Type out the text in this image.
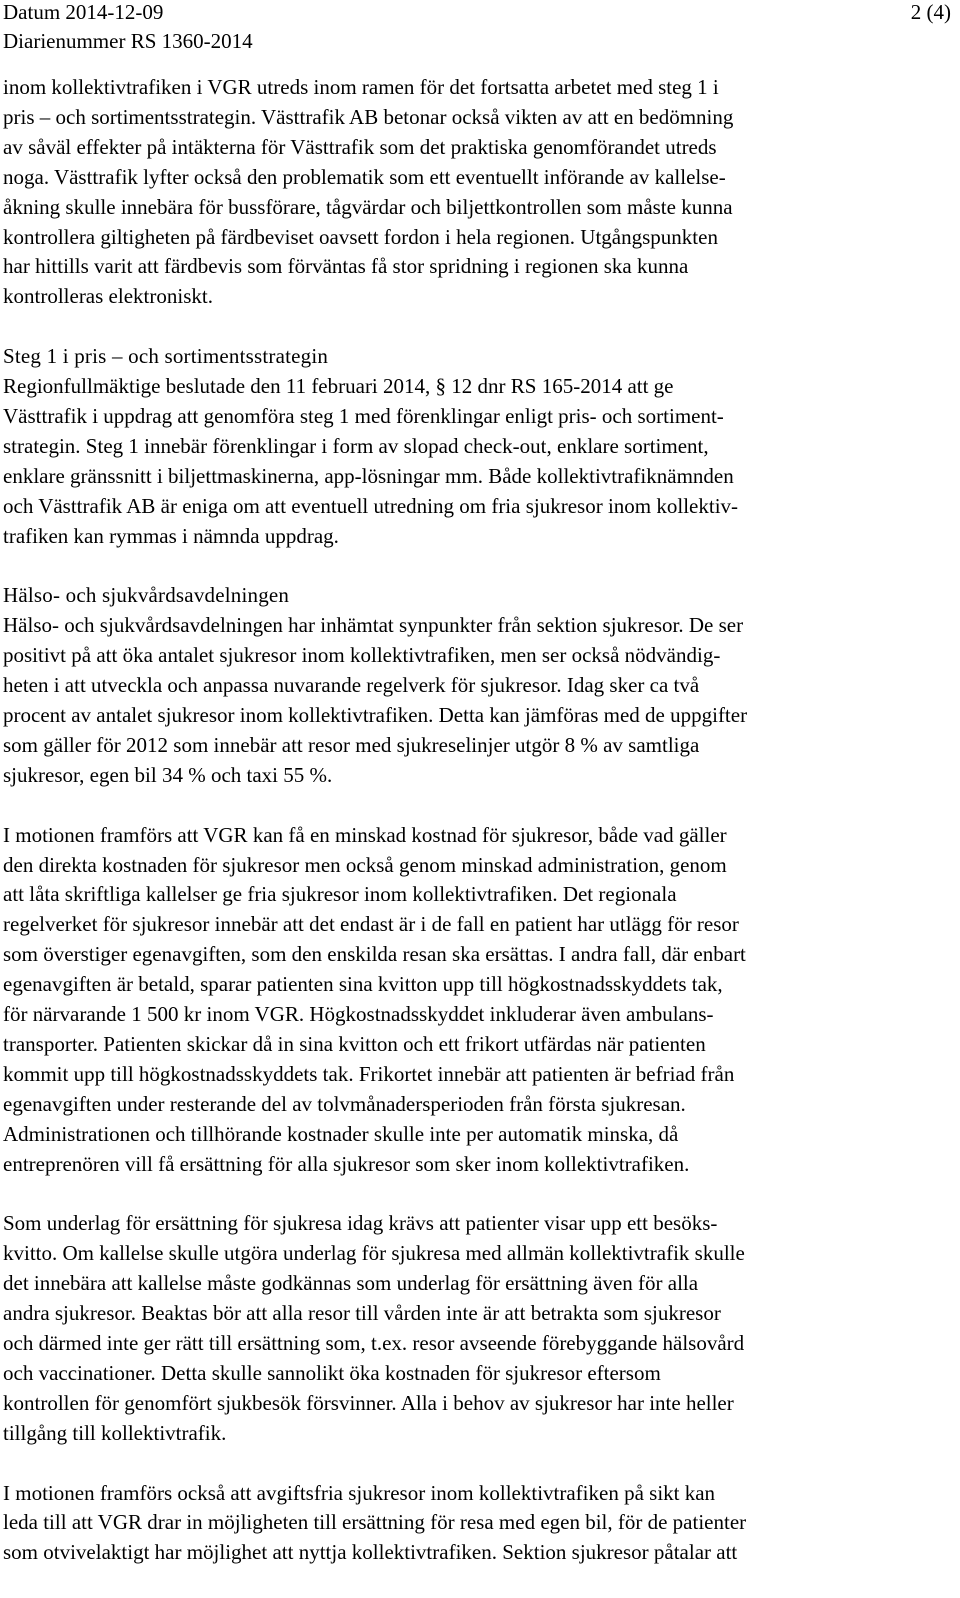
Datum 2014-12-09
Diarienummer RS 1360-2014
2 (4)
inom kollektivtrafiken i VGR utreds inom ramen för det fortsatta arbetet med steg 1 i
pris – och sortimentsstrategin. Västtrafik AB betonar också vikten av att en bedömning
av såväl effekter på intäkterna för Västtrafik som det praktiska genomförandet utreds
noga. Västtrafik lyfter också den problematik som ett eventuellt införande av kallelse-
åkning skulle innebära för bussförare, tågvärdar och biljettkontrollen som måste kunna
kontrollera giltigheten på färdbeviset oavsett fordon i hela regionen. Utgångspunkten
har hittills varit att färdbevis som förväntas få stor spridning i regionen ska kunna
kontrolleras elektroniskt.
Steg 1 i pris – och sortimentsstrategin
Regionfullmäktige beslutade den 11 februari 2014, § 12 dnr RS 165-2014 att ge
Västtrafik i uppdrag att genomföra steg 1 med förenklingar enligt pris- och sortiment-
strategin. Steg 1 innebär förenklingar i form av slopad check-out, enklare sortiment,
enklare gränssnitt i biljettmaskinerna, app-lösningar mm. Både kollektivtrafiknämnden
och Västtrafik AB är eniga om att eventuell utredning om fria sjukresor inom kollektiv-
trafiken kan rymmas i nämnda uppdrag.
Hälso- och sjukvårdsavdelningen
Hälso- och sjukvårdsavdelningen har inhämtat synpunkter från sektion sjukresor. De ser
positivt på att öka antalet sjukresor inom kollektivtrafiken, men ser också nödvändig-
heten i att utveckla och anpassa nuvarande regelverk för sjukresor. Idag sker ca två
procent av antalet sjukresor inom kollektivtrafiken. Detta kan jämföras med de uppgifter
som gäller för 2012 som innebär att resor med sjukreselinjer utgör 8 % av samtliga
sjukresor, egen bil 34 % och taxi 55 %.
I motionen framförs att VGR kan få en minskad kostnad för sjukresor, både vad gäller
den direkta kostnaden för sjukresor men också genom minskad administration, genom
att låta skriftliga kallelser ge fria sjukresor inom kollektivtrafiken. Det regionala
regelverket för sjukresor innebär att det endast är i de fall en patient har utlägg för resor
som överstiger egenavgiften, som den enskilda resan ska ersättas. I andra fall, där enbart
egenavgiften är betald, sparar patienten sina kvitton upp till högkostnadsskyddets tak,
för närvarande 1 500 kr inom VGR. Högkostnadsskyddet inkluderar även ambulans-
transporter. Patienten skickar då in sina kvitton och ett frikort utfärdas när patienten
kommit upp till högkostnadsskyddets tak. Frikortet innebär att patienten är befriad från
egenavgiften under resterande del av tolvmånadersperioden från första sjukresan.
Administrationen och tillhörande kostnader skulle inte per automatik minska, då
entreprenören vill få ersättning för alla sjukresor som sker inom kollektivtrafiken.
Som underlag för ersättning för sjukresa idag krävs att patienter visar upp ett besöks-
kvitto. Om kallelse skulle utgöra underlag för sjukresa med allmän kollektivtrafik skulle
det innebära att kallelse måste godkännas som underlag för ersättning även för alla
andra sjukresor. Beaktas bör att alla resor till vården inte är att betrakta som sjukresor
och därmed inte ger rätt till ersättning som, t.ex. resor avseende förebyggande hälsovård
och vaccinationer. Detta skulle sannolikt öka kostnaden för sjukresor eftersom
kontrollen för genomfört sjukbesök försvinner. Alla i behov av sjukresor har inte heller
tillgång till kollektivtrafik.
I motionen framförs också att avgiftsfria sjukresor inom kollektivtrafiken på sikt kan
leda till att VGR drar in möjligheten till ersättning för resa med egen bil, för de patienter
som otvivelaktigt har möjlighet att nyttja kollektivtrafiken. Sektion sjukresor påtalar att
